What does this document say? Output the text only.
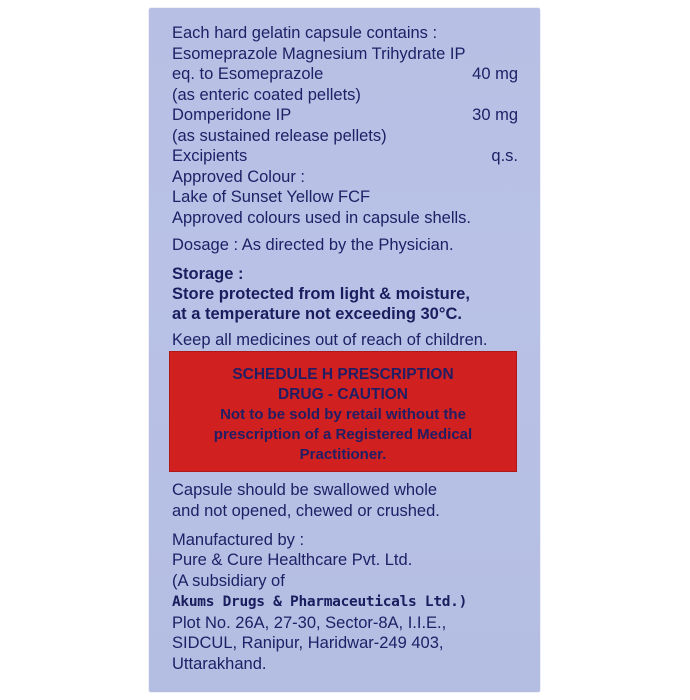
Each hard gelatin capsule contains :
Esomeprazole Magnesium Trihydrate IP
eq. to Esomeprazole	40 mg
(as enteric coated pellets)
Domperidone IP	30 mg
(as sustained release pellets)
Excipients	q.s.
Approved Colour :
Lake of Sunset Yellow FCF
Approved colours used in capsule shells.
Dosage : As directed by the Physician.
Storage :
Store protected from light & moisture,
at a temperature not exceeding 30°C.
Keep all medicines out of reach of children.
SCHEDULE H PRESCRIPTION
DRUG - CAUTION
Not to be sold by retail without the
prescription of a Registered Medical
Practitioner.
Capsule should be swallowed whole
and not opened, chewed or crushed.
Manufactured by :
Pure & Cure Healthcare Pvt. Ltd.
(A subsidiary of
Akums Drugs & Pharmaceuticals Ltd.)
Plot No. 26A, 27-30, Sector-8A, I.I.E.,
SIDCUL, Ranipur, Haridwar-249 403,
Uttarakhand.
